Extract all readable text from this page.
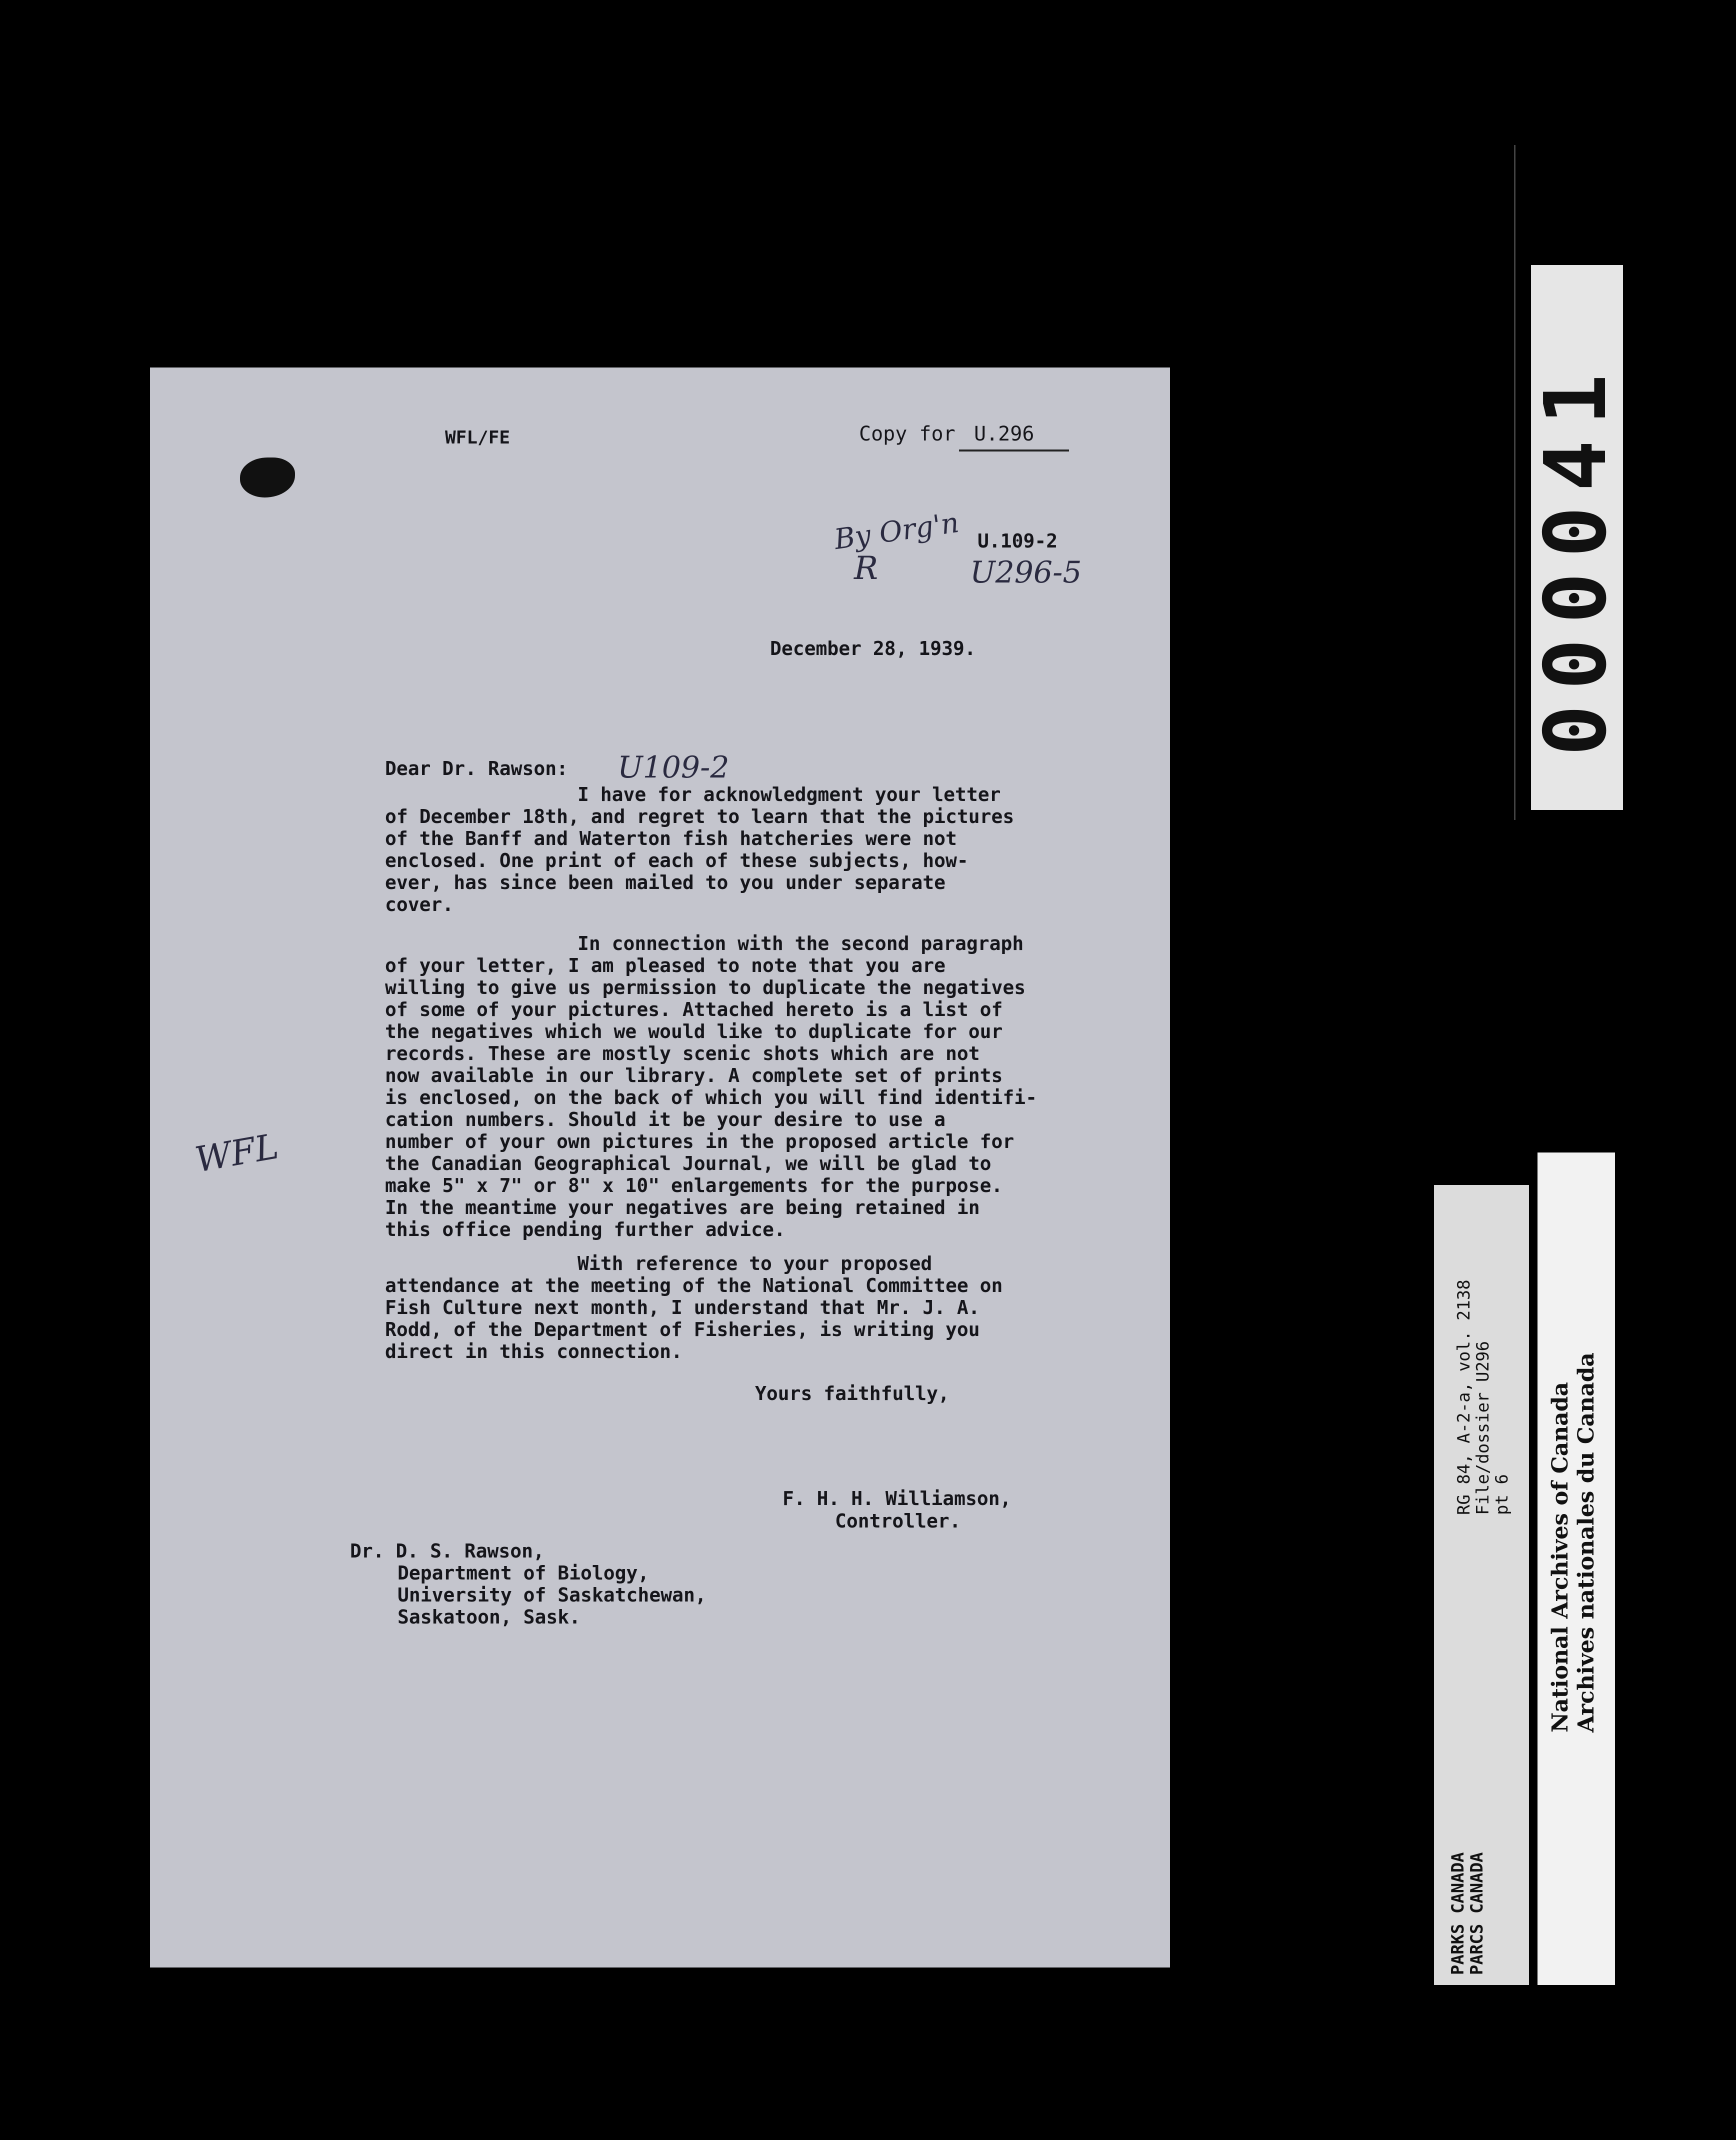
WFL/FE	Copy for U.296
By Org'n
R
U.109-2
U296-5
December 28, 1939.
WFL
Dear Dr. Rawson: U109-2
I have for acknowledgment your letter
of December 18th, and regret to learn that the pictures
of the Banff and Waterton fish hatcheries were not
enclosed. One print of each of these subjects, how-
ever, has since been mailed to you under separate
cover.
In connection with the second paragraph
of your letter, I am pleased to note that you are
willing to give us permission to duplicate the negatives
of some of your pictures. Attached hereto is a list of
the negatives which we would like to duplicate for our
records. These are mostly scenic shots which are not
now available in our library. A complete set of prints
is enclosed, on the back of which you will find identifi-
cation numbers. Should it be your desire to use a
number of your own pictures in the proposed article for
the Canadian Geographical Journal, we will be glad to
make 5" x 7" or 8" x 10" enlargements for the purpose.
In the meantime your negatives are being retained in
this office pending further advice.
With reference to your proposed
attendance at the meeting of the National Committee on
Fish Culture next month, I understand that Mr. J. A.
Rodd, of the Department of Fisheries, is writing you
direct in this connection.
Yours faithfully,
F. H. H. Williamson,
Controller.
Dr. D. S. Rawson,
Department of Biology,
University of Saskatchewan,
Saskatoon, Sask.
000041
RG 84, A-2-a, vol. 2138
File/dossier U296
pt 6
PARKS CANADA
PARCS CANADA
National Archives of Canada Archives nationales du Canada
